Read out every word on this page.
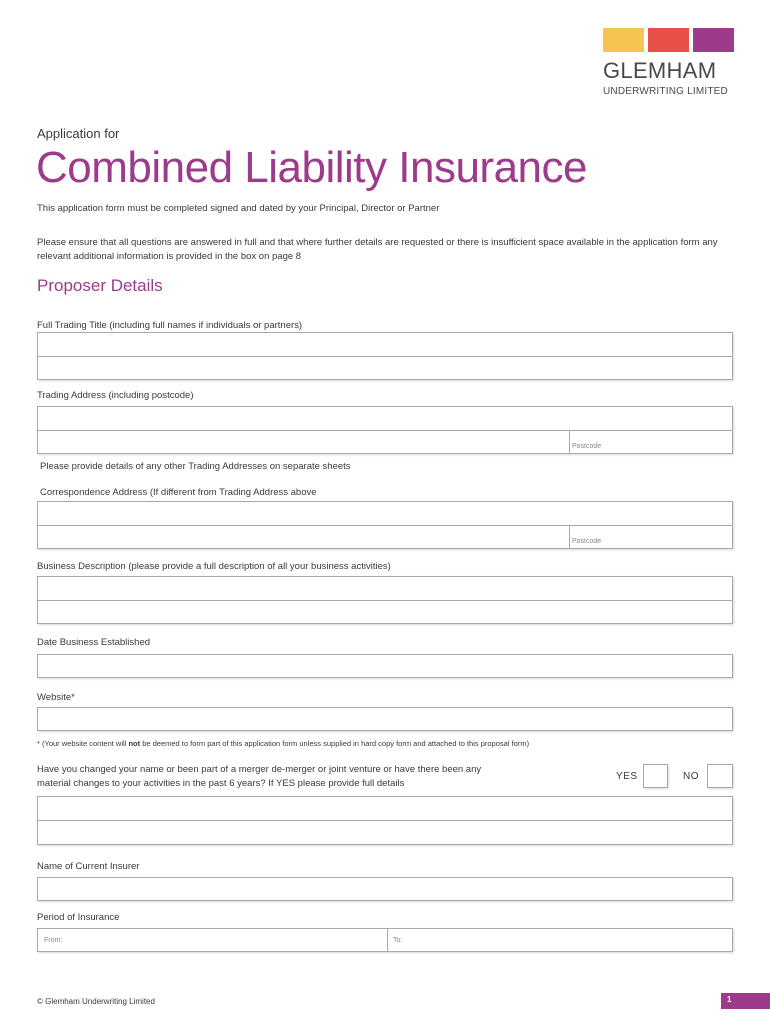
GLEMHAM
UNDERWRITING LIMITED
Application for
Combined Liability Insurance
This application form must be completed signed and dated by your Principal, Director or Partner
Please ensure that all questions are answered in full and that where further details are requested or there is insufficient space available in the application form any relevant additional information is provided in the box on page 8
Proposer Details
Full Trading Title (including full names if individuals or partners)
Trading Address (including postcode)
Postcode
Please provide details of any other Trading Addresses on separate sheets
Correspondence Address (If different from Trading Address above
Postcode
Business Description (please provide a full description of all your business activities)
Date Business Established
Website*
* (Your website content will not be deemed to form part of this application form unless supplied in hard copy form and attached to this proposal form)
Have you changed your name or been part of a merger de-merger or joint venture or have there been any
material changes to your activities in the past 6 years? If YES please provide full details
YES	NO
Name of Current Insurer
Period of Insurance
From:	To:
© Glemham Underwriting Limited	1
